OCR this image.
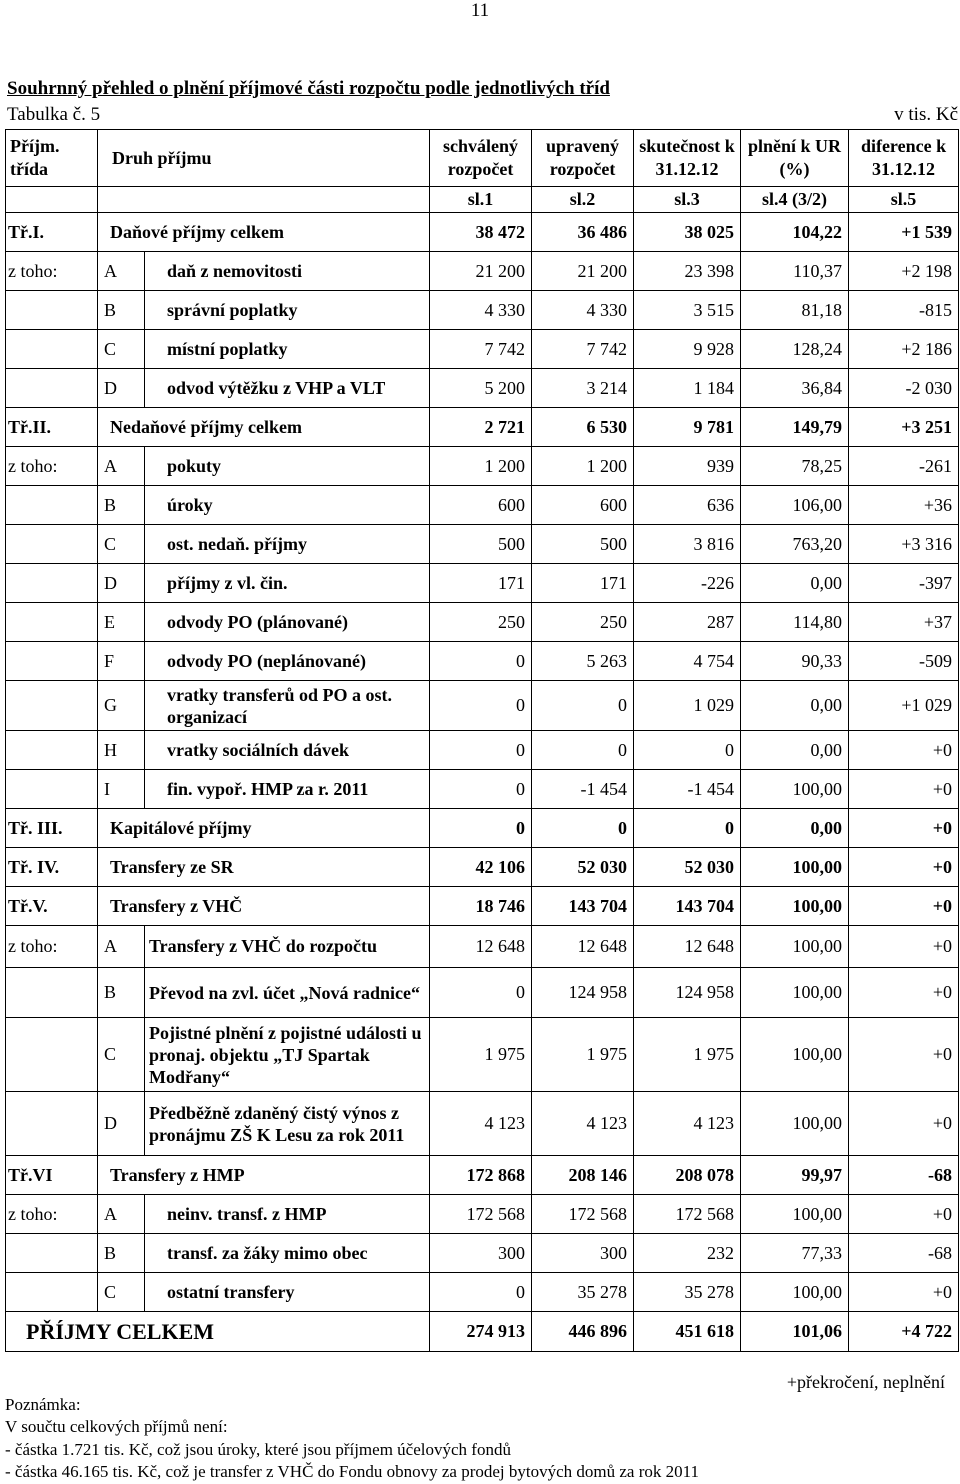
11
Souhrnný přehled o plnění příjmové části rozpočtu podle jednotlivých tříd
Tabulka č. 5	v tis. Kč
Příjm. třída	Druh příjmu		schválený rozpočet	upravený rozpočet	skutečnost k 31.12.12	plnění k UR (%)	diference k 31.12.12
			sl.1	sl.2	sl.3	sl.4 (3/2)	sl.5
Tř.I.	Daňové příjmy celkem		38 472	36 486	38 025	104,22	+1 539
z toho:	A	daň z nemovitosti	21 200	21 200	23 398	110,37	+2 198
	B	správní poplatky	4 330	4 330	3 515	81,18	-815
	C	místní poplatky	7 742	7 742	9 928	128,24	+2 186
	D	odvod výtěžku z VHP a VLT	5 200	3 214	1 184	36,84	-2 030
Tř.II.	Nedaňové příjmy celkem		2 721	6 530	9 781	149,79	+3 251
z toho:	A	pokuty	1 200	1 200	939	78,25	-261
	B	úroky	600	600	636	106,00	+36
	C	ost. nedaň. příjmy	500	500	3 816	763,20	+3 316
	D	příjmy z vl. čin.	171	171	-226	0,00	-397
	E	odvody PO (plánované)	250	250	287	114,80	+37
	F	odvody PO (neplánované)	0	5 263	4 754	90,33	-509
	G	vratky transferů od PO a ost. organizací	0	0	1 029	0,00	+1 029
	H	vratky sociálních dávek	0	0	0	0,00	+0
	I	fin. vypoř. HMP za r. 2011	0	-1 454	-1 454	100,00	+0
Tř. III.	Kapitálové příjmy		0	0	0	0,00	+0
Tř. IV.	Transfery ze SR		42 106	52 030	52 030	100,00	+0
Tř.V.	Transfery z VHČ		18 746	143 704	143 704	100,00	+0
z toho:	A	Transfery z VHČ do rozpočtu	12 648	12 648	12 648	100,00	+0
	B	Převod na zvl. účet „Nová radnice“	0	124 958	124 958	100,00	+0
	C	Pojistné plnění z pojistné události u pronaj. objektu „TJ Spartak Modřany“	1 975	1 975	1 975	100,00	+0
	D	Předběžně zdaněný čistý výnos z pronájmu ZŠ K Lesu za rok 2011	4 123	4 123	4 123	100,00	+0
Tř.VI	Transfery z HMP		172 868	208 146	208 078	99,97	-68
z toho:	A	neinv. transf. z HMP	172 568	172 568	172 568	100,00	+0
	B	transf. za žáky mimo obec	300	300	232	77,33	-68
	C	ostatní transfery	0	35 278	35 278	100,00	+0
PŘÍJMY CELKEM			274 913	446 896	451 618	101,06	+4 722
+překročení, neplnění
Poznámka:
V součtu celkových příjmů není:
- částka 1.721 tis. Kč, což jsou úroky, které jsou příjmem účelových fondů
- částka 46.165 tis. Kč, což je transfer z VHČ do Fondu obnovy za prodej bytových domů za rok 2011
